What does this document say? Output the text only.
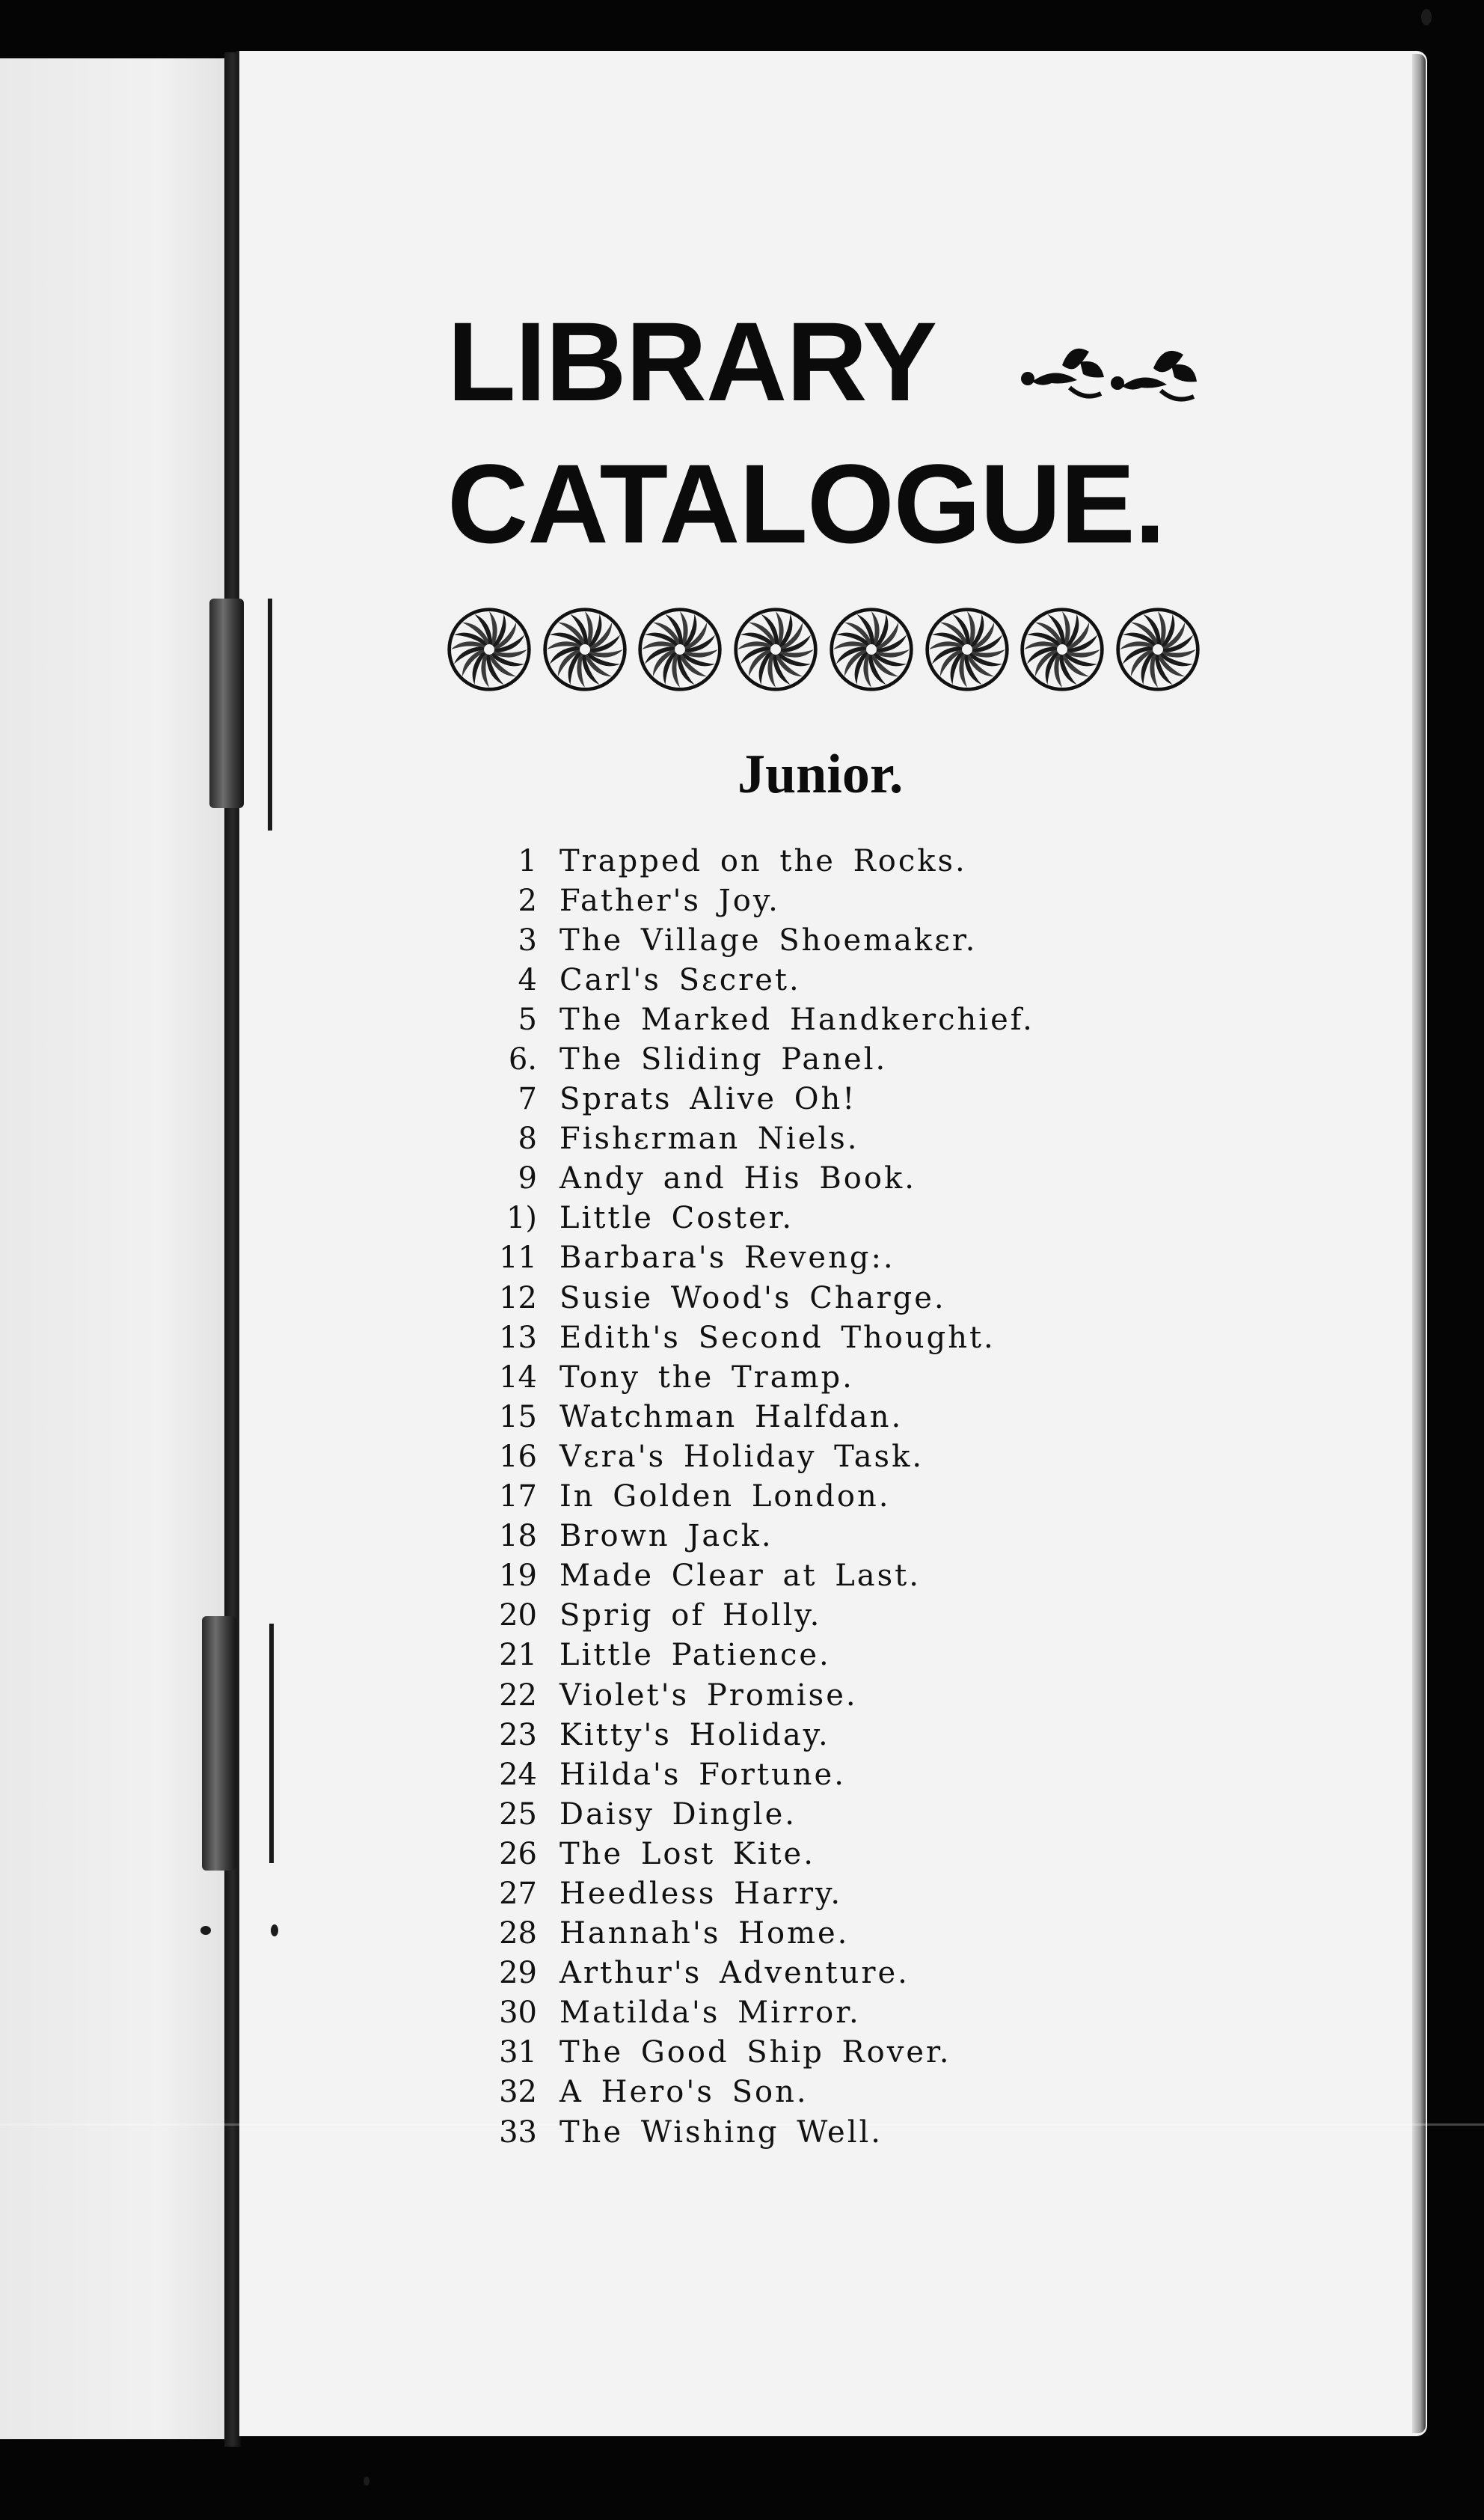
LIBRARY
CATALOGUE.
Junior.
1 Trapped on the Rocks.
2 Father's Joy.
3 The Village Shoemakεr.
4 Carl's Sεcret.
5 The Marked Handkerchief.
6. The Sliding Panel.
7 Sprats Alive Oh!
8 Fishεrman Niels.
9 Andy and His Book.
1) Little Coster.
11 Barbara's Reveng:.
12 Susie Wood's Charge.
13 Edith's Second Thought.
14 Tony the Tramp.
15 Watchman Halfdan.
16 Vεra's Holiday Task.
17 In Golden London.
18 Brown Jack.
19 Made Clear at Last.
20 Sprig of Holly.
21 Little Patience.
22 Violet's Promise.
23 Kitty's Holiday.
24 Hilda's Fortune.
25 Daisy Dingle.
26 The Lost Kite.
27 Heedless Harry.
28 Hannah's Home.
29 Arthur's Adventure.
30 Matilda's Mirror.
31 The Good Ship Rover.
32 A Hero's Son.
33 The Wishing Well.
